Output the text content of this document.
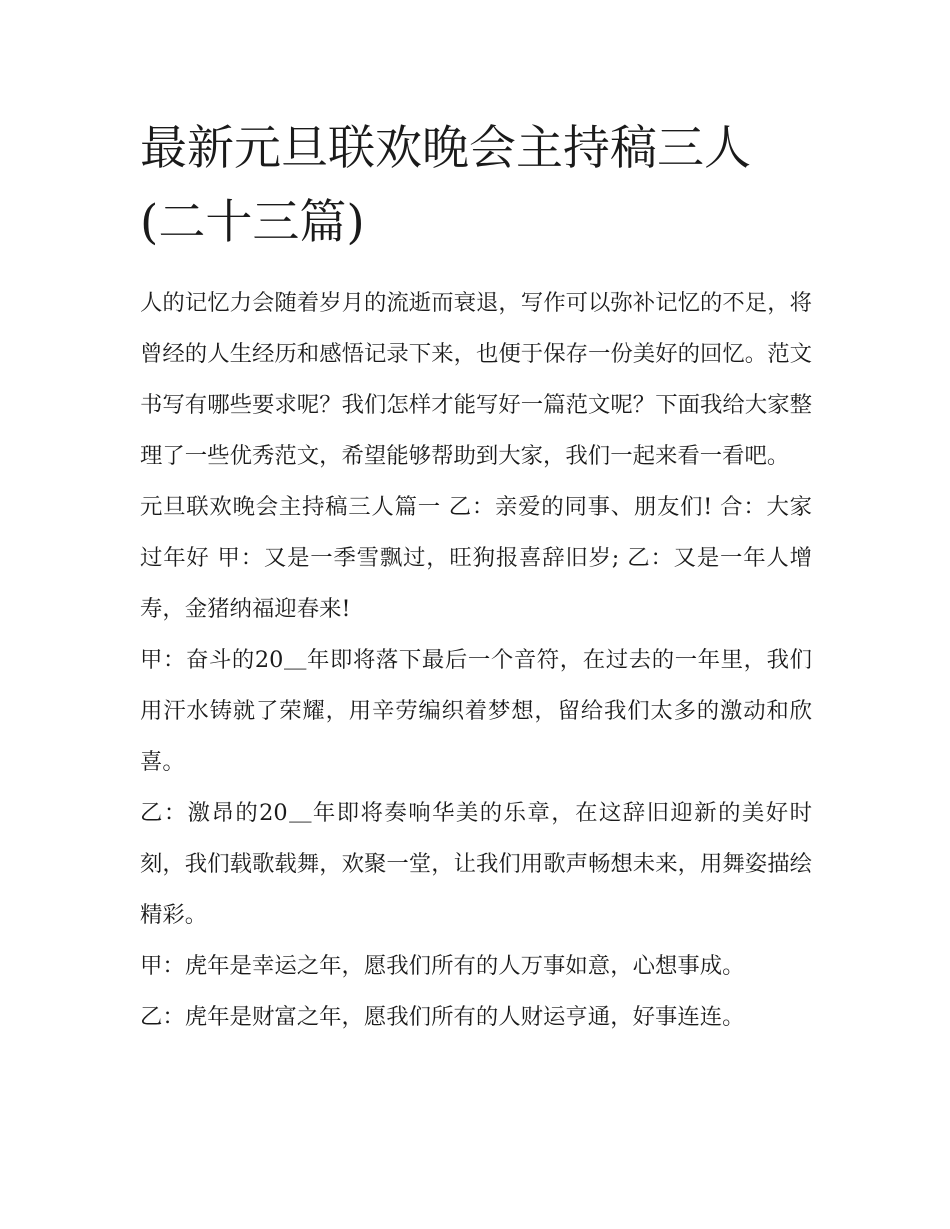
最新元旦联欢晚会主持稿三人(二十三篇)

人的记忆力会随着岁月的流逝而衰退，写作可以弥补记忆的不足，将曾经的人生经历和感悟记录下来，也便于保存一份美好的回忆。范文书写有哪些要求呢？我们怎样才能写好一篇范文呢？下面我给大家整理了一些优秀范文，希望能够帮助到大家，我们一起来看一看吧。

元旦联欢晚会主持稿三人篇一 乙：亲爱的同事、朋友们! 合：大家过年好 甲：又是一季雪飘过，旺狗报喜辞旧岁; 乙：又是一年人增寿，金猪纳福迎春来!

甲：奋斗的20＿年即将落下最后一个音符，在过去的一年里，我们用汗水铸就了荣耀，用辛劳编织着梦想，留给我们太多的激动和欣喜。

乙：激昂的20＿年即将奏响华美的乐章，在这辞旧迎新的美好时刻，我们载歌载舞，欢聚一堂，让我们用歌声畅想未来，用舞姿描绘精彩。

甲：虎年是幸运之年，愿我们所有的人万事如意，心想事成。

乙：虎年是财富之年，愿我们所有的人财运亨通，好事连连。
